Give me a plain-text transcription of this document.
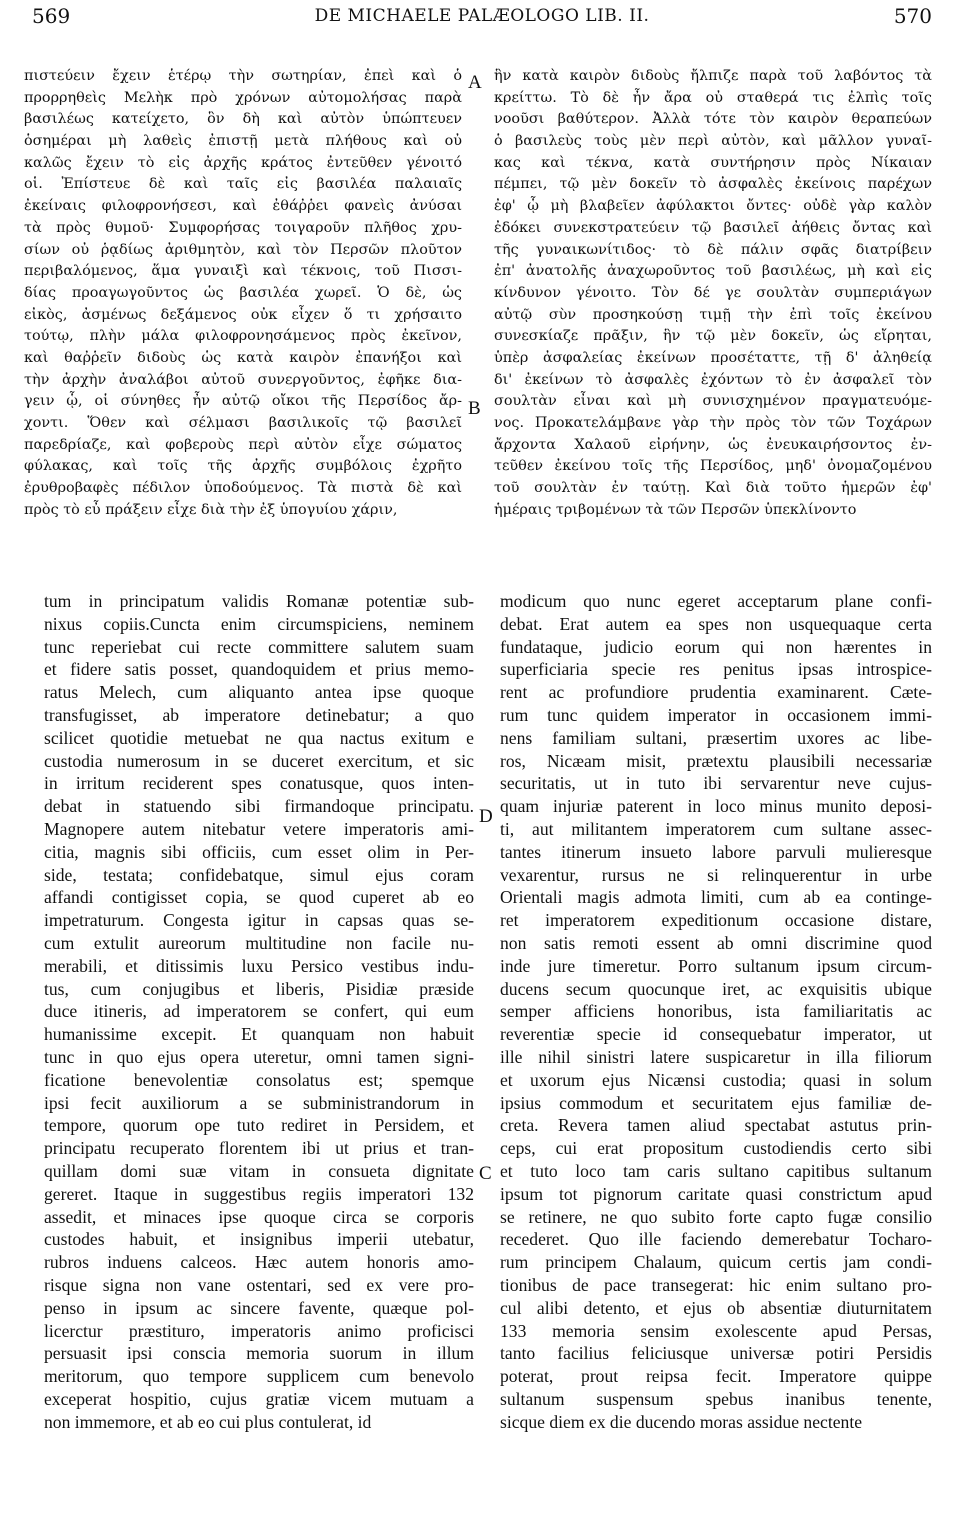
569	DE MICHAELE PALÆOLOGO LIB. II.	570
πιστεύειν ἔχειν ἑτέρῳ τὴν σωτηρίαν, ἐπεὶ καὶ ὁ
προρρηθεὶς Μελὴκ πρὸ χρόνων αὐτομολήσας παρὰ
βασιλέως κατείχετο, ὃν δὴ καὶ αὐτὸν ὑπώπτευεν
ὁσημέραι μὴ λαθεὶς ἐπιστῇ μετὰ πλήθους καὶ οὐ
καλῶς ἔχειν τὸ εἰς ἀρχῆς κράτος ἐντεῦθεν γένοιτό
οἱ. Ἐπίστευε δὲ καὶ ταῖς εἰς βασιλέα παλαιαῖς
ἐκείναις φιλοφρονήσεσι, καὶ ἐθάῤῥει φανεὶς ἀνύσαι
τὰ πρὸς θυμοῦ· Συμφορήσας τοιγαροῦν πλῆθος χρυ-
σίων οὐ ῥᾳδίως ἀριθμητὸν, καὶ τὸν Περσῶν πλοῦτον
περιβαλόμενος, ἅμα γυναιξὶ καὶ τέκνοις, τοῦ Πισσι-
δίας προαγωγοῦντος ὡς βασιλέα χωρεῖ. Ὁ δὲ, ὡς
εἰκὸς, ἀσμένως δεξάμενος οὐκ εἶχεν ὅ τι χρήσαιτο
τούτῳ, πλὴν μάλα φιλοφρονησάμενος πρὸς ἐκεῖνον,
καὶ θαῤῥεῖν διδοὺς ὡς κατὰ καιρὸν ἐπανήξοι καὶ
τὴν ἀρχὴν ἀναλάβοι αὐτοῦ συνεργοῦντος, ἐφῆκε δια-
γειν ᾧ, οἱ σύνηθες ἦν αὐτῷ οἴκοι τῆς Περσίδος ἄρ-
χοντι. Ὅθεν καὶ σέλμασι βασιλικοῖς τῷ βασιλεῖ
παρεδρίαζε, καὶ φοβεροὺς περὶ αὐτὸν εἶχε σώματος
φύλακας, καὶ τοῖς τῆς ἀρχῆς συμβόλοις ἐχρῆτο
ἐρυθροβαφὲς πέδιλον ὑποδούμενος. Τὰ πιστὰ δὲ καὶ
πρὸς τὸ εὖ πράξειν εἶχε διὰ τὴν ἐξ ὑπογυίου χάριν,
ἣν κατὰ καιρὸν διδοὺς ἤλπιζε παρὰ τοῦ λαβόντος τὰ
κρείττω. Τὸ δὲ ἦν ἄρα οὐ σταθερά τις ἐλπὶς τοῖς
νοοῦσι βαθύτερον. Ἀλλὰ τότε τὸν καιρὸν θεραπεύων
ὁ βασιλεὺς τοὺς μὲν περὶ αὐτὸν, καὶ μᾶλλον γυναῖ-
κας καὶ τέκνα, κατὰ συντήρησιν πρὸς Νίκαιαν
πέμπει, τῷ μὲν δοκεῖν τὸ ἀσφαλὲς ἐκείνοις παρέχων
ἐφ' ᾧ μὴ βλαβεῖεν ἀφύλακτοι ὄντες· οὐδὲ γὰρ καλὸν
ἐδόκει συνεκστρατεύειν τῷ βασιλεῖ ἀήθεις ὄντας καὶ
τῆς γυναικωνίτιδος· τὸ δὲ πάλιν σφᾶς διατρίβειν
ἐπ' ἀνατολῆς ἀναχωροῦντος τοῦ βασιλέως, μὴ καὶ εἰς
κίνδυνον γένοιτο. Τὸν δέ γε σουλτὰν συμπεριάγων
αὐτῷ σὺν προσηκούσῃ τιμῇ τὴν ἐπὶ τοῖς ἐκείνου
συνεσκίαζε πρᾶξιν, ἣν τῷ μὲν δοκεῖν, ὡς εἴρηται,
ὑπὲρ ἀσφαλείας ἐκείνων προσέταττε, τῇ δ' ἀληθείᾳ
δι' ἐκείνων τὸ ἀσφαλὲς ἐχόντων τὸ ἐν ἀσφαλεῖ τὸν
σουλτὰν εἶναι καὶ μὴ συνισχημένον πραγματευόμε-
νος. Προκατελάμβανε γὰρ τὴν πρὸς τὸν τῶν Τοχάρων
ἄρχοντα Χαλαοῦ εἰρήνην, ὡς ἐνευκαιρήσοντος ἐν-
τεῦθεν ἐκείνου τοῖς τῆς Περσίδος, μηδ' ὀνομαζομένου
τοῦ σουλτὰν ἐν ταύτῃ. Καὶ διὰ τοῦτο ἡμερῶν ἐφ'
ἡμέραις τριβομένων τὰ τῶν Περσῶν ὑπεκλίνοντο
tum in principatum validis Romanæ potentiæ sub-
nixus copiis.Cuncta enim circumspiciens, neminem
tunc reperiebat cui recte committere salutem suam
et fidere satis posset, quandoquidem et prius memo-
ratus Melech, cum aliquanto antea ipse quoque
transfugisset, ab imperatore detinebatur; a quo
scilicet quotidie metuebat ne qua nactus exitum e
custodia numerosum in se duceret exercitum, et sic
in irritum reciderent spes conatusque, quos inten-
debat in statuendo sibi firmandoque principatu.
Magnopere autem nitebatur vetere imperatoris ami-
citia, magnis sibi officiis, cum esset olim in Per-
side, testata; confidebatque, simul ejus coram
affandi contigisset copia, se quod cuperet ab eo
impetraturum. Congesta igitur in capsas quas se-
cum extulit aureorum multitudine non facile nu-
merabili, et ditissimis luxu Persico vestibus indu-
tus, cum conjugibus et liberis, Pisidiæ præside
duce itineris, ad imperatorem se confert, qui eum
humanissime excepit. Et quanquam non habuit
tunc in quo ejus opera uteretur, omni tamen signi-
ficatione benevolentiæ consolatus est; spemque
ipsi fecit auxiliorum a se subministrandorum in
tempore, quorum ope tuto rediret in Persidem, et
principatu recuperato florentem ibi ut prius et tran-
quillam domi suæ vitam in consueta dignitate
gereret. Itaque in suggestibus regiis imperatori 132
assedit, et minaces ipse quoque circa se corporis
custodes habuit, et insignibus imperii utebatur,
rubros induens calceos. Hæc autem honoris amo-
risque signa non vane ostentari, sed ex vere pro-
penso in ipsum ac sincere favente, quæque pol-
licerctur præstituro, imperatoris animo proficisci
persuasit ipsi conscia memoria suorum in illum
meritorum, quo tempore supplicem cum benevolo
exceperat hospitio, cujus gratiæ vicem mutuam a
non immemore, et ab eo cui plus contulerat, id
modicum quo nunc egeret acceptarum plane confi-
debat. Erat autem ea spes non usquequaque certa
fundataque, judicio eorum qui non hærentes in
superficiaria specie res penitus ipsas introspice-
rent ac profundiore prudentia examinarent. Cæte-
rum tunc quidem imperator in occasionem immi-
nens familiam sultani, præsertim uxores ac libe-
ros, Nicæam misit, prætextu plausibili necessariæ
securitatis, ut in tuto ibi servarentur neve cujus-
quam injuriæ paterent in loco minus munito deposi-
ti, aut militantem imperatorem cum sultane assec-
tantes itinerum insueto labore parvuli mulieresque
vexarentur, rursus ne si relinquerentur in urbe
Orientali magis admota limiti, cum ab ea continge-
ret imperatorem expeditionum occasione distare,
non satis remoti essent ab omni discrimine quod
inde jure timeretur. Porro sultanum ipsum circum-
ducens secum quocunque iret, ac exquisitis ubique
semper afficiens honoribus, ista familiaritatis ac
reverentiæ specie id consequebatur imperator, ut
ille nihil sinistri latere suspicaretur in illa filiorum
et uxorum ejus Nicænsi custodia; quasi in solum
ipsius commodum et securitatem ejus familiæ de-
creta. Revera tamen aliud spectabat astutus prin-
ceps, cui erat propositum custodiendis certo sibi
et tuto loco tam caris sultano capitibus sultanum
ipsum tot pignorum caritate quasi constrictum apud
se retinere, ne quo subito forte capto fugæ consilio
recederet. Quo ille faciendo demerebatur Tocharo-
rum principem Chalaum, quicum certis jam condi-
tionibus de pace transegerat: hic enim sultano pro-
cul alibi detento, et ejus ob absentiæ diuturnitatem
133 memoria sensim exolescente apud Persas,
tanto facilius feliciusque universæ potiri Persidis
poterat, prout reipsa fecit. Imperatore quippe
sultanum suspensum spebus inanibus tenente,
sicque diem ex die ducendo moras assidue nectente
A
B
D
C
